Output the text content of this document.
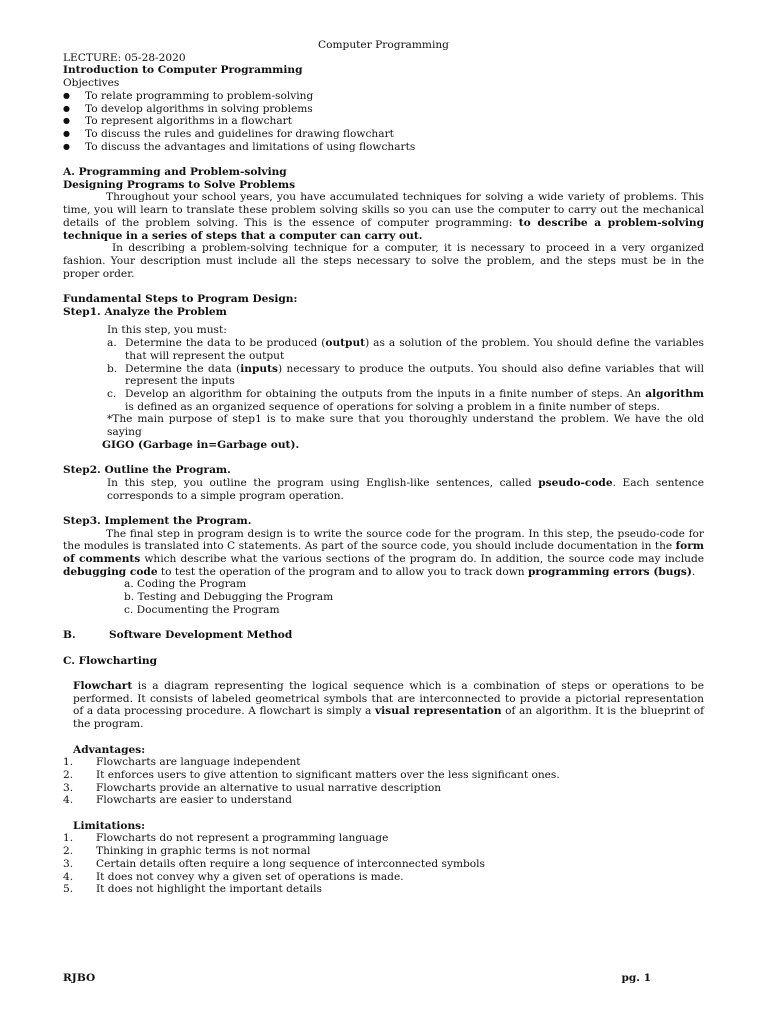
Computer Programming

LECTURE: 05-28-2020

Introduction to Computer Programming

Objectives

● To relate programming to problem-solving
● To develop algorithms in solving problems
● To represent algorithms in a flowchart
● To discuss the rules and guidelines for drawing flowchart
● To discuss the advantages and limitations of using flowcharts

A. Programming and Problem-solving

Designing Programs to Solve Problems

Throughout your school years, you have accumulated techniques for solving a wide variety of problems. This time, you will learn to translate these problem solving skills so you can use the computer to carry out the mechanical details of the problem solving. This is the essence of computer programming: to describe a problem-solving technique in a series of steps that a computer can carry out.

In describing a problem-solving technique for a computer, it is necessary to proceed in a very organized fashion. Your description must include all the steps necessary to solve the problem, and the steps must be in the proper order.

Fundamental Steps to Program Design:

Step1. Analyze the Problem

In this step, you must:

a. Determine the data to be produced (output) as a solution of the problem. You should define the variables that will represent the output
b. Determine the data (inputs) necessary to produce the outputs. You should also define variables that will represent the inputs
c. Develop an algorithm for obtaining the outputs from the inputs in a finite number of steps. An algorithm is defined as an organized sequence of operations for solving a problem in a finite number of steps.

*The main purpose of step1 is to make sure that you thoroughly understand the problem. We have the old saying

GIGO (Garbage in=Garbage out).

Step2. Outline the Program.

In this step, you outline the program using English-like sentences, called pseudo-code. Each sentence corresponds to a simple program operation.

Step3. Implement the Program.

The final step in program design is to write the source code for the program. In this step, the pseudo-code for the modules is translated into C statements. As part of the source code, you should include documentation in the form of comments which describe what the various sections of the program do. In addition, the source code may include debugging code to test the operation of the program and to allow you to track down programming errors (bugs).

a. Coding the Program

b. Testing and Debugging the Program

c. Documenting the Program

B.	Software Development Method

C. Flowcharting

Flowchart is a diagram representing the logical sequence which is a combination of steps or operations to be performed. It consists of labeled geometrical symbols that are interconnected to provide a pictorial representation of a data processing procedure. A flowchart is simply a visual representation of an algorithm. It is the blueprint of the program.

Advantages:

1. Flowcharts are language independent
2. It enforces users to give attention to significant matters over the less significant ones.
3. Flowcharts provide an alternative to usual narrative description
4. Flowcharts are easier to understand

Limitations:

1. Flowcharts do not represent a programming language
2. Thinking in graphic terms is not normal
3. Certain details often require a long sequence of interconnected symbols
4. It does not convey why a given set of operations is made.
5. It does not highlight the important details
RJBO	pg. 1
